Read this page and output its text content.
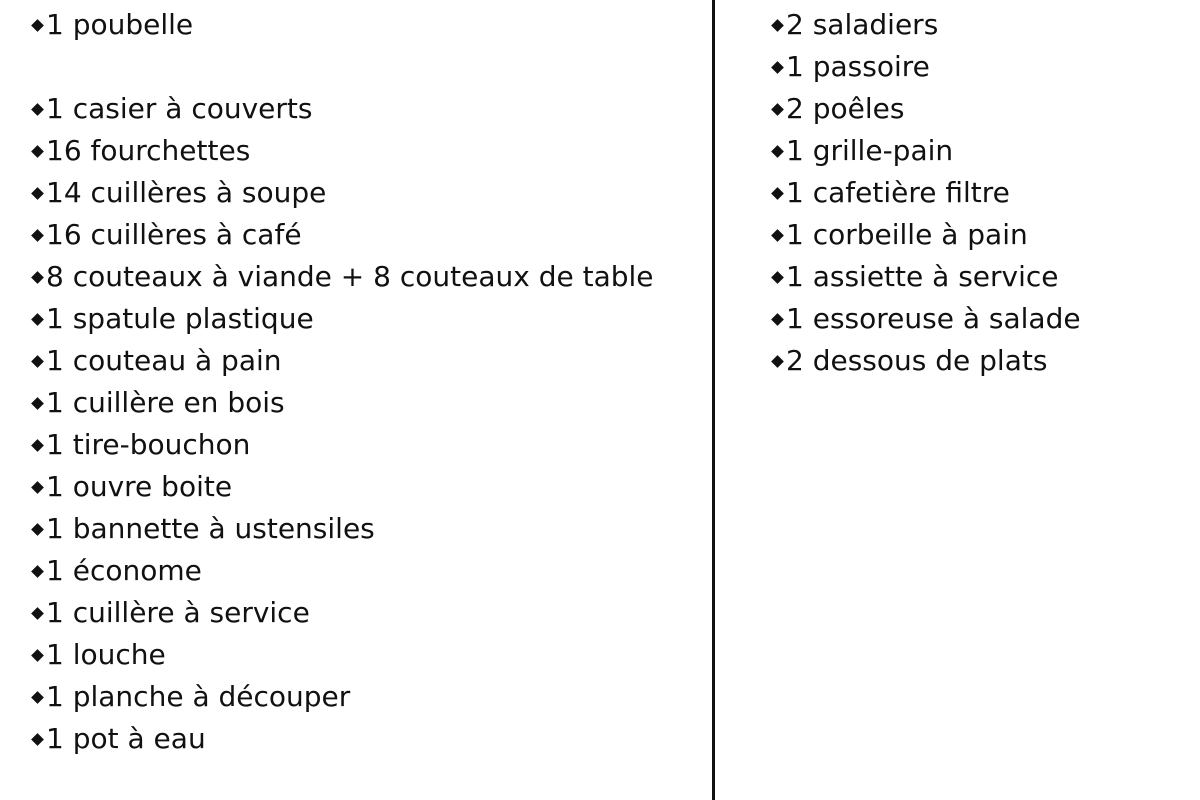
1 poubelle
1 casier à couverts
16 fourchettes
14 cuillères à soupe
16 cuillères à café
8 couteaux à viande + 8 couteaux de table
1 spatule plastique
1 couteau à pain
1 cuillère en bois
1 tire-bouchon
1 ouvre boite
1 bannette à ustensiles
1 économe
1 cuillère à service
1 louche
1 planche à découper
1 pot à eau
2 saladiers
1 passoire
2 poêles
1 grille-pain
1 cafetière filtre
1 corbeille à pain
1 assiette à service
1 essoreuse à salade
2 dessous de plats
